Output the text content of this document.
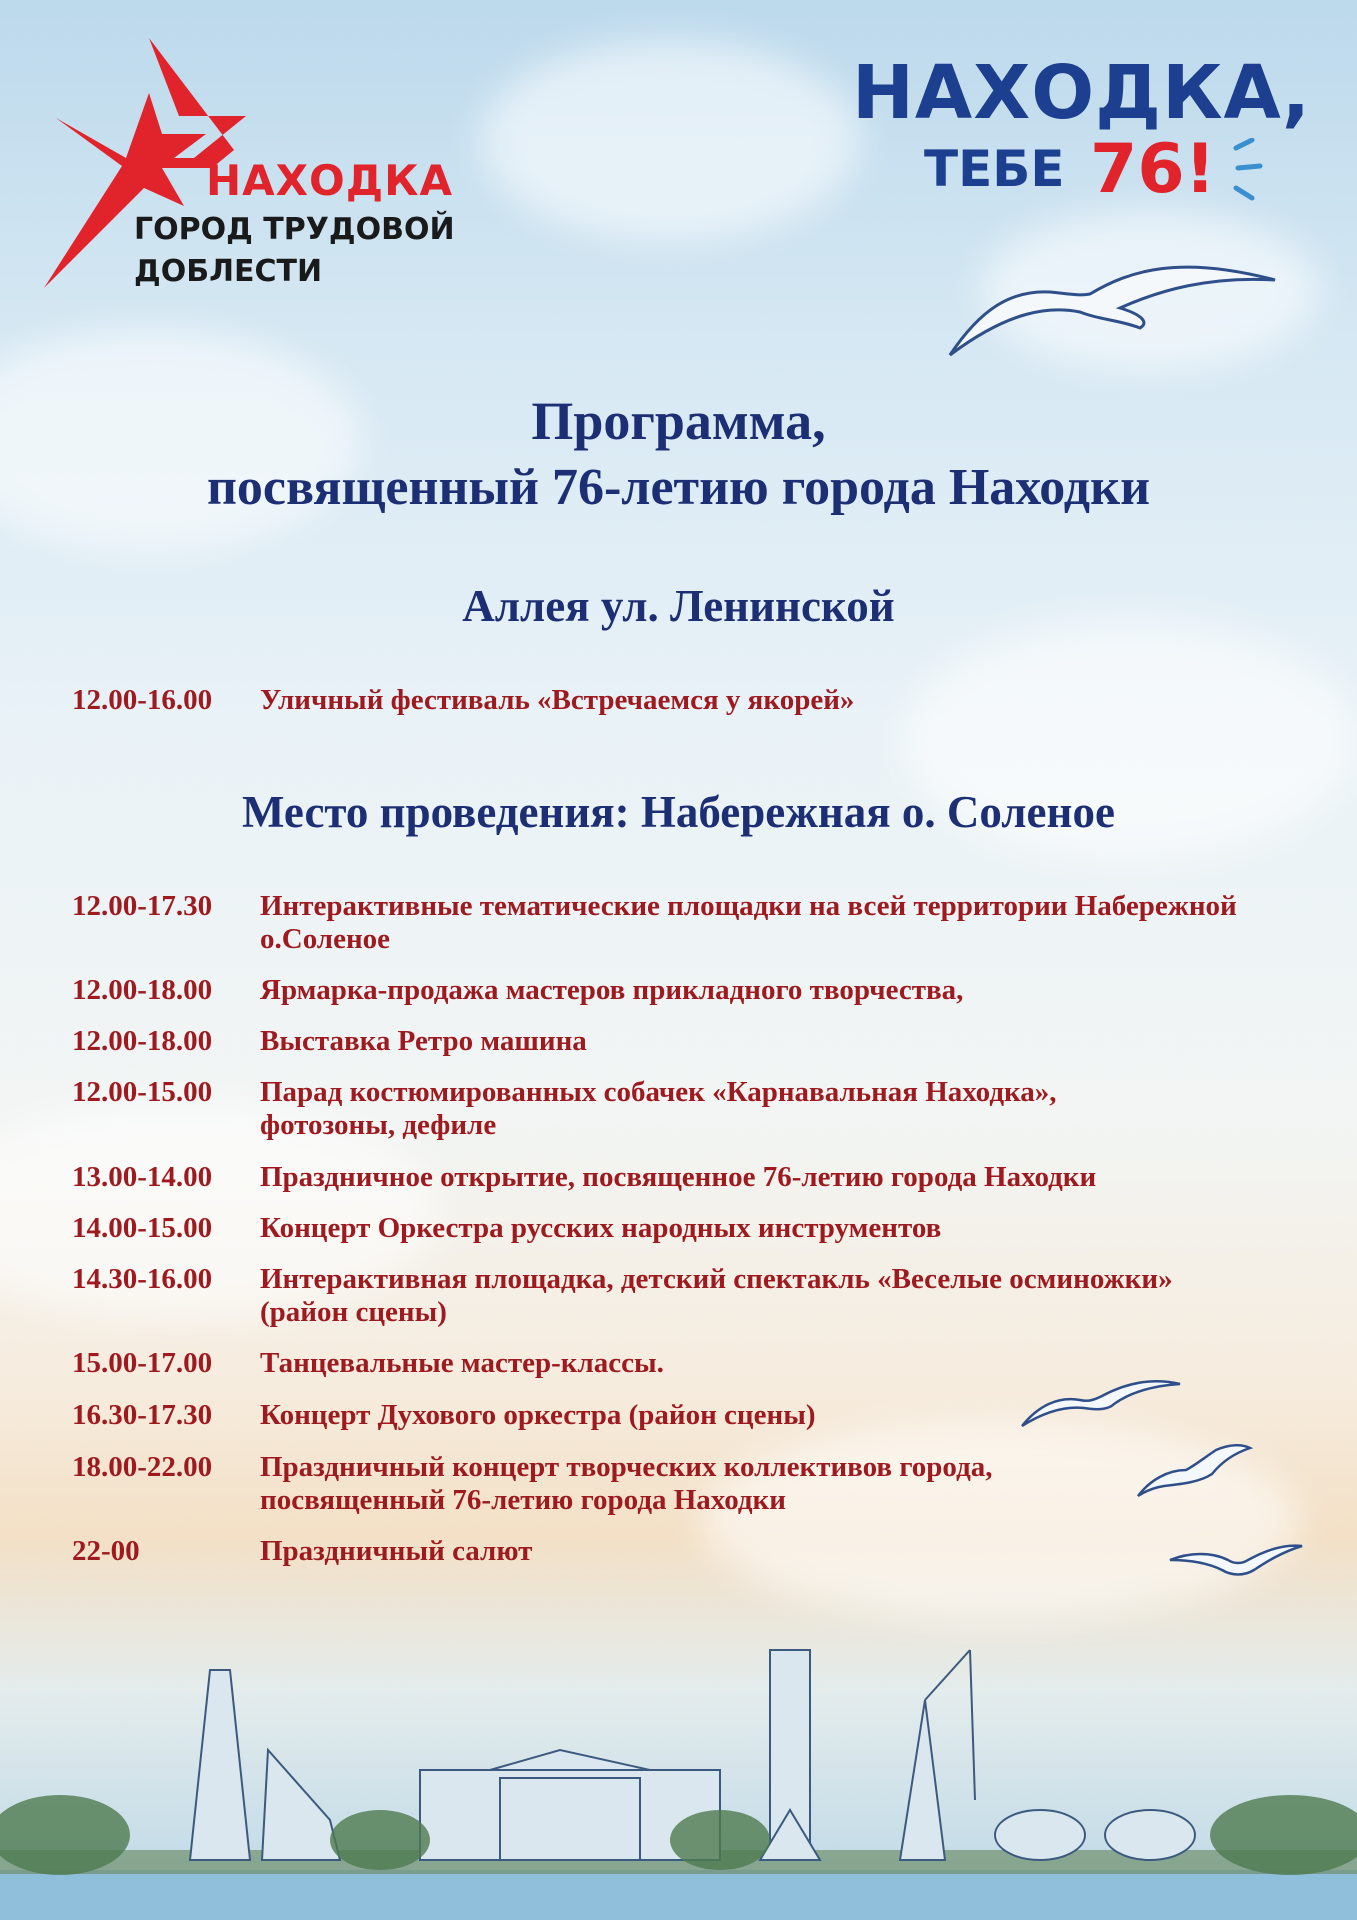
НАХОДКА
ГОРОД ТРУДОВОЙ
ДОБЛЕСТИ
НАХОДКА,
ТЕБЕ 76!
Программа,
посвященный 76-летию города Находки
Аллея ул. Ленинской
12.00-16.00	Уличный фестиваль «Встречаемся у якорей»
Место проведения: Набережная о. Соленое
12.00-17.30	Интерактивные тематические площадки на всей территории Набережной
о.Соленое
12.00-18.00	Ярмарка-продажа мастеров прикладного творчества,
12.00-18.00	Выставка Ретро машина
12.00-15.00	Парад костюмированных собачек «Карнавальная Находка»,
фотозоны, дефиле
13.00-14.00	Праздничное открытие, посвященное 76-летию города Находки
14.00-15.00	Концерт Оркестра русских народных инструментов
14.30-16.00	Интерактивная площадка, детский спектакль «Веселые осминожки»
(район сцены)
15.00-17.00	Танцевальные мастер-классы.
16.30-17.30	Концерт Духового оркестра (район сцены)
18.00-22.00	Праздничный концерт творческих коллективов города,
посвященный 76-летию города Находки
22-00	Праздничный салют
